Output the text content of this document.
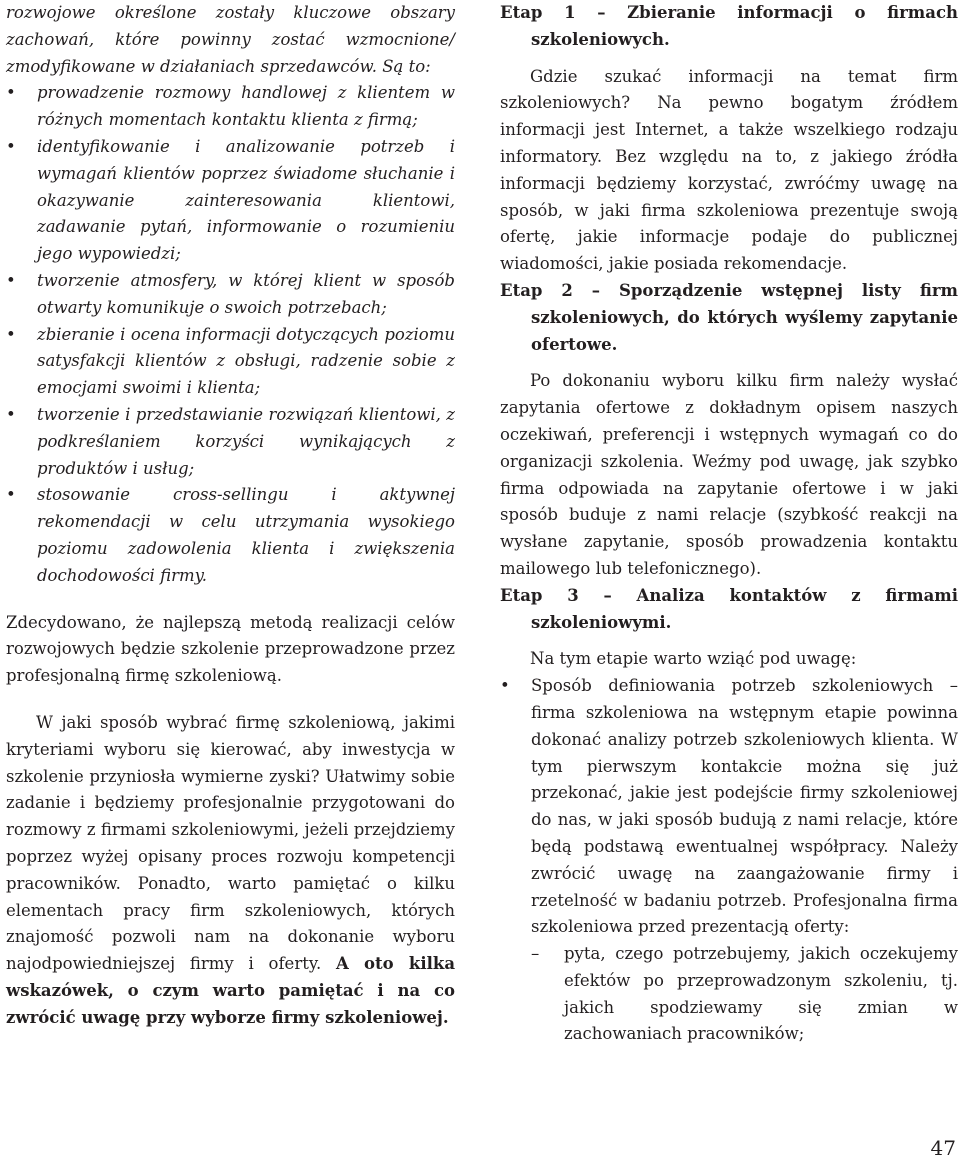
rozwojowe określone zostały kluczowe obszary zachowań, które powinny zostać wzmocnione/ zmodyfikowane w działaniach sprzedawców. Są to:

• prowadzenie rozmowy handlowej z klientem w różnych momentach kontaktu klienta z firmą;
• identyfikowanie i analizowanie potrzeb i wymagań klientów poprzez świadome słuchanie i okazywanie zainteresowania klientowi, zadawanie pytań, informowanie o rozumieniu jego wypowiedzi;
• tworzenie atmosfery, w której klient w sposób otwarty komunikuje o swoich potrzebach;
• zbieranie i ocena informacji dotyczących poziomu satysfakcji klientów z obsługi, radzenie sobie z emocjami swoimi i klienta;
• tworzenie i przedstawianie rozwiązań klientowi, z podkreślaniem korzyści wynikających z produktów i usług;
• stosowanie cross-sellingu i aktywnej rekomendacji w celu utrzymania wysokiego poziomu zadowolenia klienta i zwiększenia dochodowości firmy.

Zdecydowano, że najlepszą metodą realizacji celów rozwojowych będzie szkolenie przeprowadzone przez profesjonalną firmę szkoleniową.

W jaki sposób wybrać firmę szkoleniową, jakimi kryteriami wyboru się kierować, aby inwestycja w szkolenie przyniosła wymierne zyski? Ułatwimy sobie zadanie i będziemy profesjonalnie przygotowani do rozmowy z firmami szkoleniowymi, jeżeli przejdziemy poprzez wyżej opisany proces rozwoju kompetencji pracowników. Ponadto, warto pamiętać o kilku elementach pracy firm szkoleniowych, których znajomość pozwoli nam na dokonanie wyboru najodpowiedniejszej firmy i oferty. A oto kilka wskazówek, o czym warto pamiętać i na co zwrócić uwagę przy wyborze firmy szkoleniowej.

Etap 1 – Zbieranie informacji o firmach szkoleniowych.

Gdzie szukać informacji na temat firm szkoleniowych? Na pewno bogatym źródłem informacji jest Internet, a także wszelkiego rodzaju informatory. Bez względu na to, z jakiego źródła informacji będziemy korzystać, zwróćmy uwagę na sposób, w jaki firma szkoleniowa prezentuje swoją ofertę, jakie informacje podaje do publicznej wiadomości, jakie posiada rekomendacje.

Etap 2 – Sporządzenie wstępnej listy firm szkoleniowych, do których wyślemy zapytanie ofertowe.

Po dokonaniu wyboru kilku firm należy wysłać zapytania ofertowe z dokładnym opisem naszych oczekiwań, preferencji i wstępnych wymagań co do organizacji szkolenia. Weźmy pod uwagę, jak szybko firma odpowiada na zapytanie ofertowe i w jaki sposób buduje z nami relacje (szybkość reakcji na wysłane zapytanie, sposób prowadzenia kontaktu mailowego lub telefonicznego).

Etap 3 – Analiza kontaktów z firmami szkoleniowymi.

Na tym etapie warto wziąć pod uwagę:

• Sposób definiowania potrzeb szkoleniowych – firma szkoleniowa na wstępnym etapie powinna dokonać analizy potrzeb szkoleniowych klienta. W tym pierwszym kontakcie można się już przekonać, jakie jest podejście firmy szkoleniowej do nas, w jaki sposób budują z nami relacje, które będą podstawą ewentualnej współpracy. Należy zwrócić uwagę na zaangażowanie firmy i rzetelność w badaniu potrzeb. Profesjonalna firma szkoleniowa przed prezentacją oferty:
– pyta, czego potrzebujemy, jakich oczekujemy efektów po przeprowadzonym szkoleniu, tj. jakich spodziewamy się zmian w zachowaniach pracowników;
47
